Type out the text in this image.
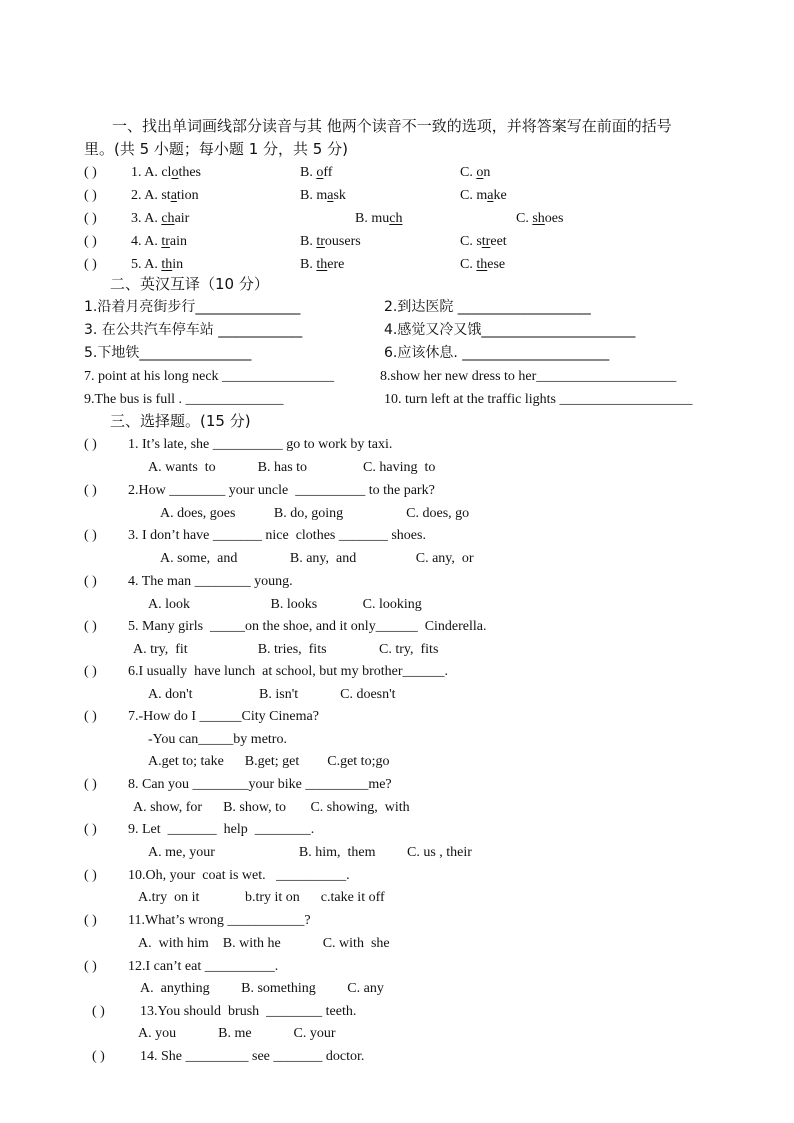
一、找出单词画线部分读音与其 他两个读音不一致的选项，并将答案写在前面的括号
里。(共 5 小题；每小题 1 分，共 5 分)
( ) 1. A. clothes	B. off	C. on
( ) 2. A. station	B. mask	C. make
( ) 3. A. chair	B. much	C. shoes
( ) 4. A. train	B. trousers	C. street
( ) 5. A. thin	B. there	C. these
二、英汉互译（10 分）
1.沿着月亮街步行_______________	2.到达医院 ___________________
3. 在公共汽车停车站 ____________	4.感觉又冷又饿______________________
5.下地铁________________	6.应该休息. _____________________
7. point at his long neck ________________	8.show her new dress to her____________________
9.The bus is full . ______________	10. turn left at the traffic lights ___________________
三、选择题。(15 分)
( ) 1. It’s late, she __________ go to work by taxi.
A. wants  to            B. has to                C. having  to
( ) 2.How ________ your uncle  __________ to the park?
A. does, goes           B. do, going                  C. does, go
( ) 3. I don’t have _______ nice  clothes _______ shoes.
A. some,  and               B. any,  and                 C. any,  or
( ) 4. The man ________ young.
A. look                       B. looks             C. looking
( ) 5. Many girls  _____on the shoe, and it only______  Cinderella.
A. try,  fit                    B. tries,  fits               C. try,  fits
( ) 6.I usually  have lunch  at school, but my brother______.
A. don't                   B. isn't            C. doesn't
( ) 7.-How do I ______City Cinema?
-You can_____by metro.
A.get to; take      B.get; get        C.get to;go
( ) 8. Can you ________your bike _________me?
A. show, for      B. show, to       C. showing,  with
( ) 9. Let  _______  help  ________.
A. me, your                        B. him,  them         C. us , their
( ) 10.Oh, your  coat is wet.   __________.
A.try  on it             b.try it on      c.take it off
( ) 11.What’s wrong ___________?
A.  with him    B. with he            C. with  she
( ) 12.I can’t eat __________.
A.  anything         B. something         C. any
( )	13.You should  brush  ________ teeth.
A. you            B. me            C. your
( )	14. She _________ see _______ doctor.
